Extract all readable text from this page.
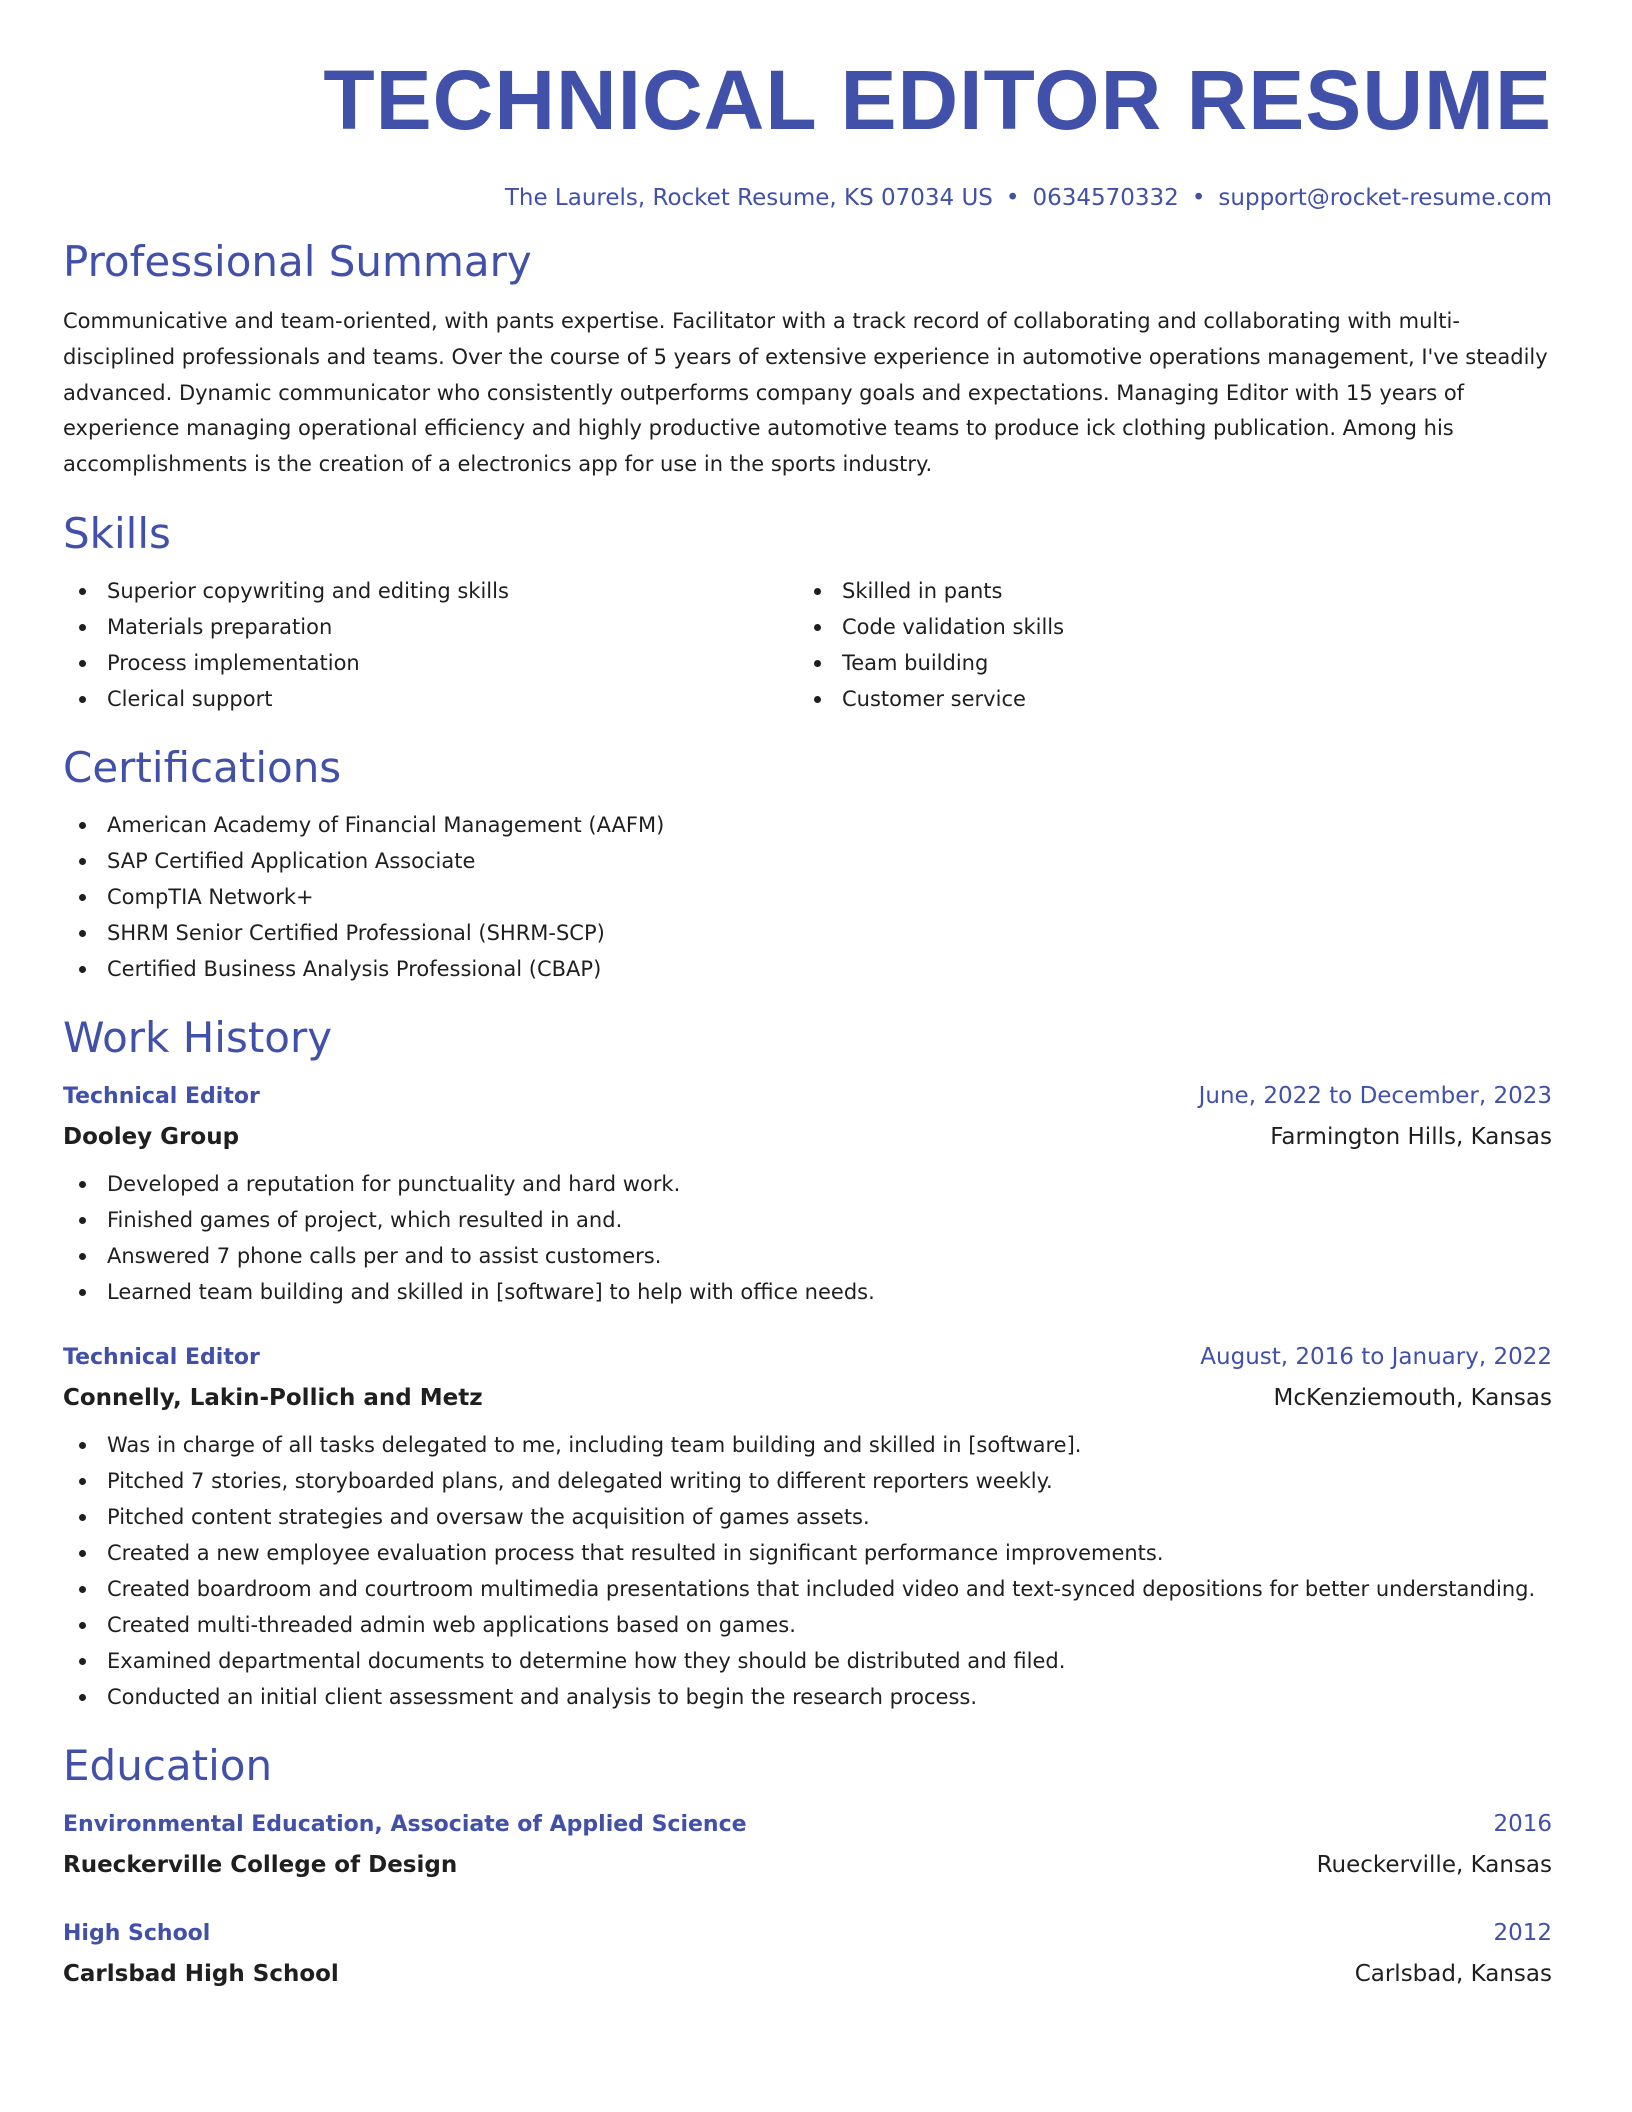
TECHNICAL EDITOR RESUME
The Laurels, Rocket Resume, KS 07034 US • 0634570332 • support@rocket-resume.com
Professional Summary
Communicative and team-oriented, with pants expertise. Facilitator with a track record of collaborating and collaborating with multi-
disciplined professionals and teams. Over the course of 5 years of extensive experience in automotive operations management, I've steadily
advanced. Dynamic communicator who consistently outperforms company goals and expectations. Managing Editor with 15 years of
experience managing operational efficiency and highly productive automotive teams to produce ick clothing publication. Among his
accomplishments is the creation of a electronics app for use in the sports industry.
Skills
Superior copywriting and editing skills
Materials preparation
Process implementation
Clerical support
Skilled in pants
Code validation skills
Team building
Customer service
Certifications
American Academy of Financial Management (AAFM)
SAP Certified Application Associate
CompTIA Network+
SHRM Senior Certified Professional (SHRM-SCP)
Certified Business Analysis Professional (CBAP)
Work History
Technical Editor	June, 2022 to December, 2023
Dooley Group	Farmington Hills, Kansas
Developed a reputation for punctuality and hard work.
Finished games of project, which resulted in and.
Answered 7 phone calls per and to assist customers.
Learned team building and skilled in [software] to help with office needs.
Technical Editor	August, 2016 to January, 2022
Connelly, Lakin-Pollich and Metz	McKenziemouth, Kansas
Was in charge of all tasks delegated to me, including team building and skilled in [software].
Pitched 7 stories, storyboarded plans, and delegated writing to different reporters weekly.
Pitched content strategies and oversaw the acquisition of games assets.
Created a new employee evaluation process that resulted in significant performance improvements.
Created boardroom and courtroom multimedia presentations that included video and text-synced depositions for better understanding.
Created multi-threaded admin web applications based on games.
Examined departmental documents to determine how they should be distributed and filed.
Conducted an initial client assessment and analysis to begin the research process.
Education
Environmental Education, Associate of Applied Science	2016
Rueckerville College of Design	Rueckerville, Kansas
High School	2012
Carlsbad High School	Carlsbad, Kansas
